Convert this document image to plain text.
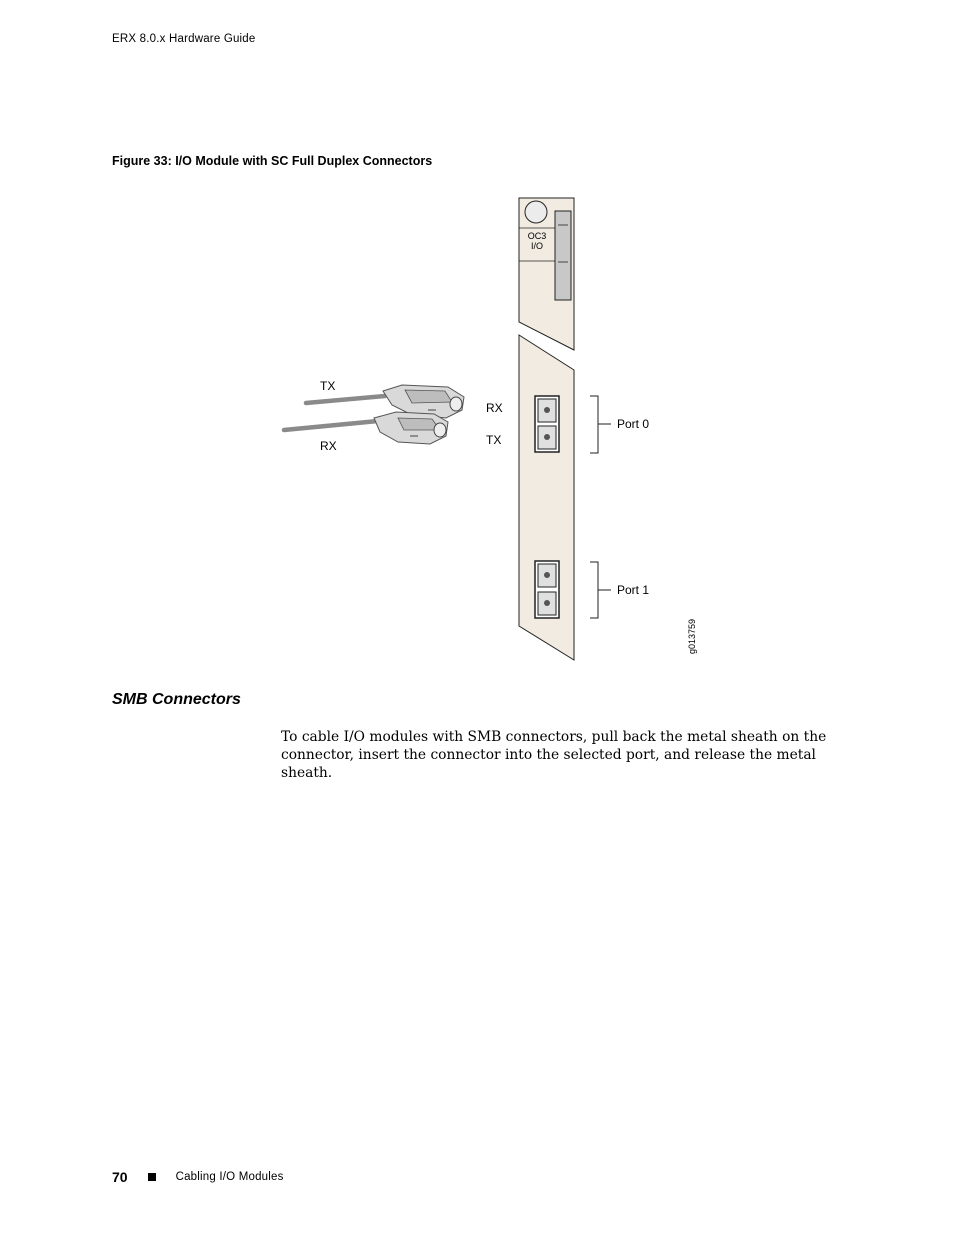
ERX 8.0.x Hardware Guide
Figure 33: I/O Module with SC Full Duplex Connectors
OC3
I/O
RX
TX
Port 0
Port 1
TX
RX
g013759
SMB Connectors
To cable I/O modules with SMB connectors, pull back the metal sheath on the connector, insert the connector into the selected port, and release the metal sheath.
70	Cabling I/O Modules
